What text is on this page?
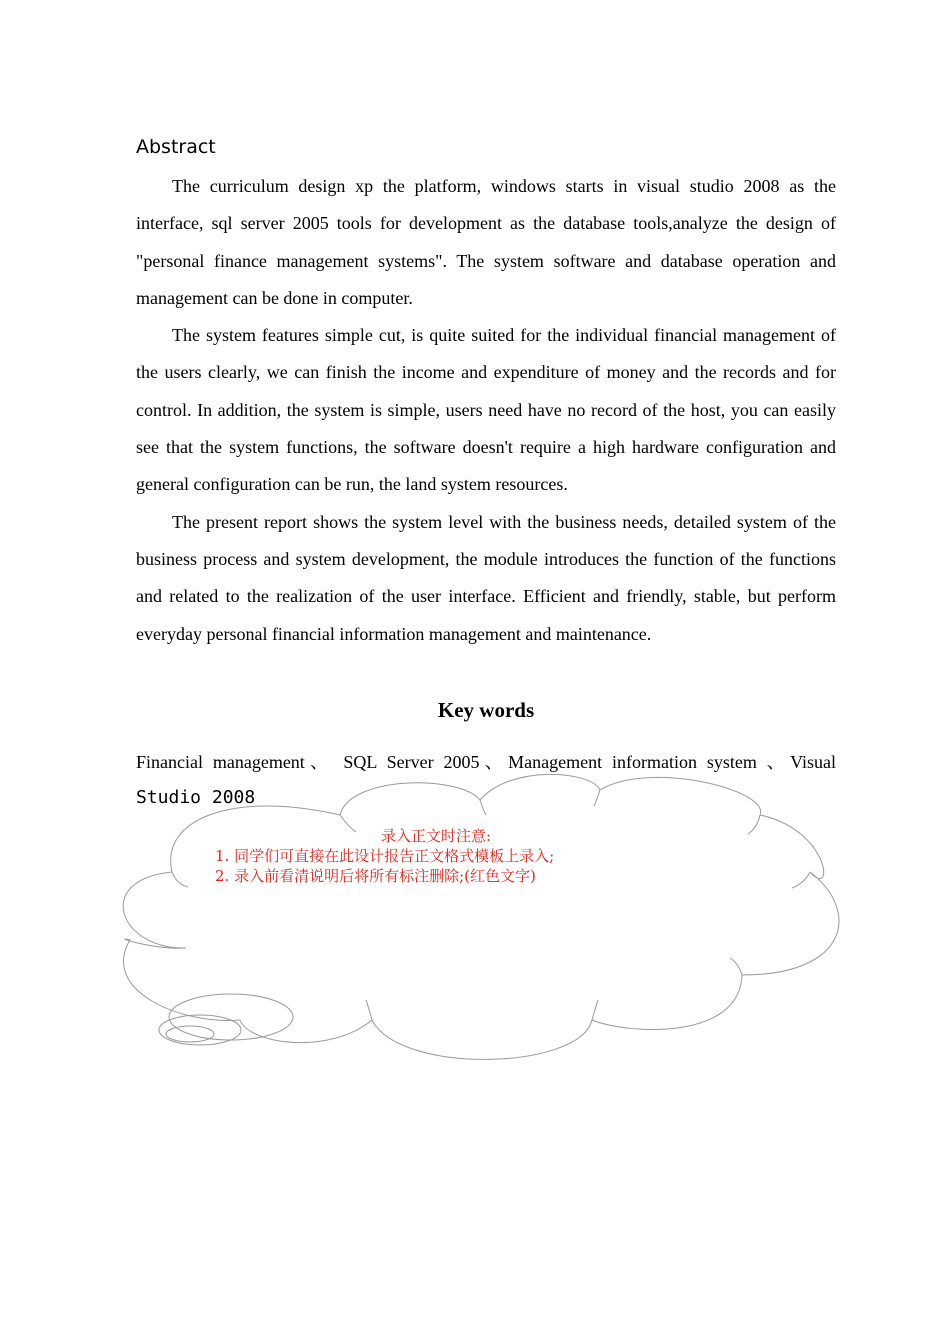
Abstract

The curriculum design xp the platform, windows starts in visual studio 2008 as the interface, sql server 2005 tools for development as the database tools,analyze the design of "personal finance management systems". The system software and database operation and management can be done in computer.

The system features simple cut, is quite suited for the individual financial management of the users clearly, we can finish the income and expenditure of money and the records and for control. In addition, the system is simple, users need have no record of the host, you can easily see that the system functions, the software doesn't require a high hardware configuration and general configuration can be run, the land system resources.

The present report shows the system level with the business needs, detailed system of the business process and system development, the module introduces the function of the functions and related to the realization of the user interface. Efficient and friendly, stable, but perform everyday personal financial information management and maintenance.

Key words
Financial management、 SQL Server 2005、Management information system 、Visual
Studio 2008
录入正文时注意:
1. 同学们可直接在此设计报告正文格式模板上录入;
2. 录入前看清说明后将所有标注删除;(红色文字)
